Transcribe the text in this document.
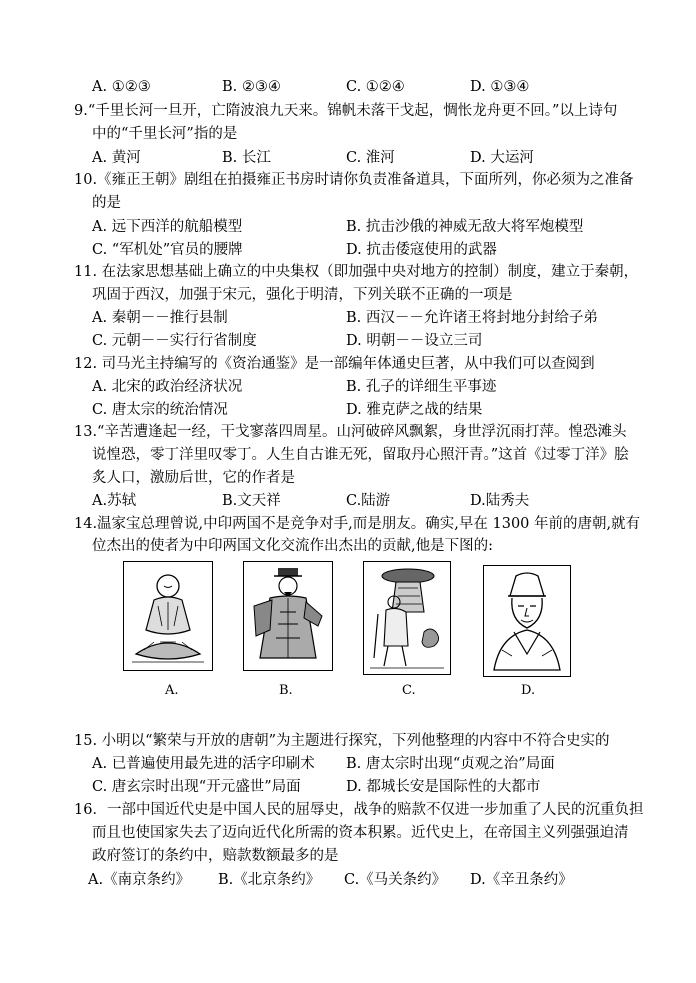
A. ①②③	B. ②③④	C. ①②④	D. ①③④
9.“千里长河一旦开，亡隋波浪九天来。锦帆未落干戈起，惆怅龙舟更不回。”以上诗句
中的“千里长河”指的是
A. 黄河	B. 长江	C. 淮河	D. 大运河
10.《雍正王朝》剧组在拍摄雍正书房时请你负责准备道具，下面所列，你必须为之准备
的是
A. 远下西洋的航船模型	B. 抗击沙俄的神威无敌大将军炮模型
C. “军机处”官员的腰牌	D. 抗击倭寇使用的武器
11. 在法家思想基础上确立的中央集权（即加强中央对地方的控制）制度，建立于秦朝，
巩固于西汉，加强于宋元，强化于明清，下列关联不正确的一项是
A. 秦朝－－推行县制	B. 西汉－－允许诸王将封地分封给子弟
C. 元朝－－实行行省制度	D. 明朝－－设立三司
12. 司马光主持编写的《资治通鉴》是一部编年体通史巨著，从中我们可以查阅到
A. 北宋的政治经济状况	B. 孔子的详细生平事迹
C. 唐太宗的统治情况	D. 雅克萨之战的结果
13.“辛苦遭逢起一经，干戈寥落四周星。山河破碎风飘絮，身世浮沉雨打萍。惶恐滩头
说惶恐，零丁洋里叹零丁。人生自古谁无死，留取丹心照汗青。”这首《过零丁洋》脍
炙人口，激励后世，它的作者是
A.苏轼	B.文天祥	C.陆游	D.陆秀夫
14.温家宝总理曾说,中印两国不是竞争对手,而是朋友。确实,早在 1300 年前的唐朝,就有
位杰出的使者为中印两国文化交流作出杰出的贡献,他是下图的:
A.	B.	C.	D.
15. 小明以“繁荣与开放的唐朝”为主题进行探究，下列他整理的内容中不符合史实的
A. 已普遍使用最先进的活字印刷术 B. 唐太宗时出现“贞观之治”局面
C. 唐玄宗时出现“开元盛世”局面	D. 都城长安是国际性的大都市
16．一部中国近代史是中国人民的屈辱史，战争的赔款不仅进一步加重了人民的沉重负担
而且也使国家失去了迈向近代化所需的资本积累。近代史上，在帝国主义列强强迫清
政府签订的条约中，赔款数额最多的是
A.《南京条约》 B.《北京条约》 C.《马关条约》 D.《辛丑条约》
